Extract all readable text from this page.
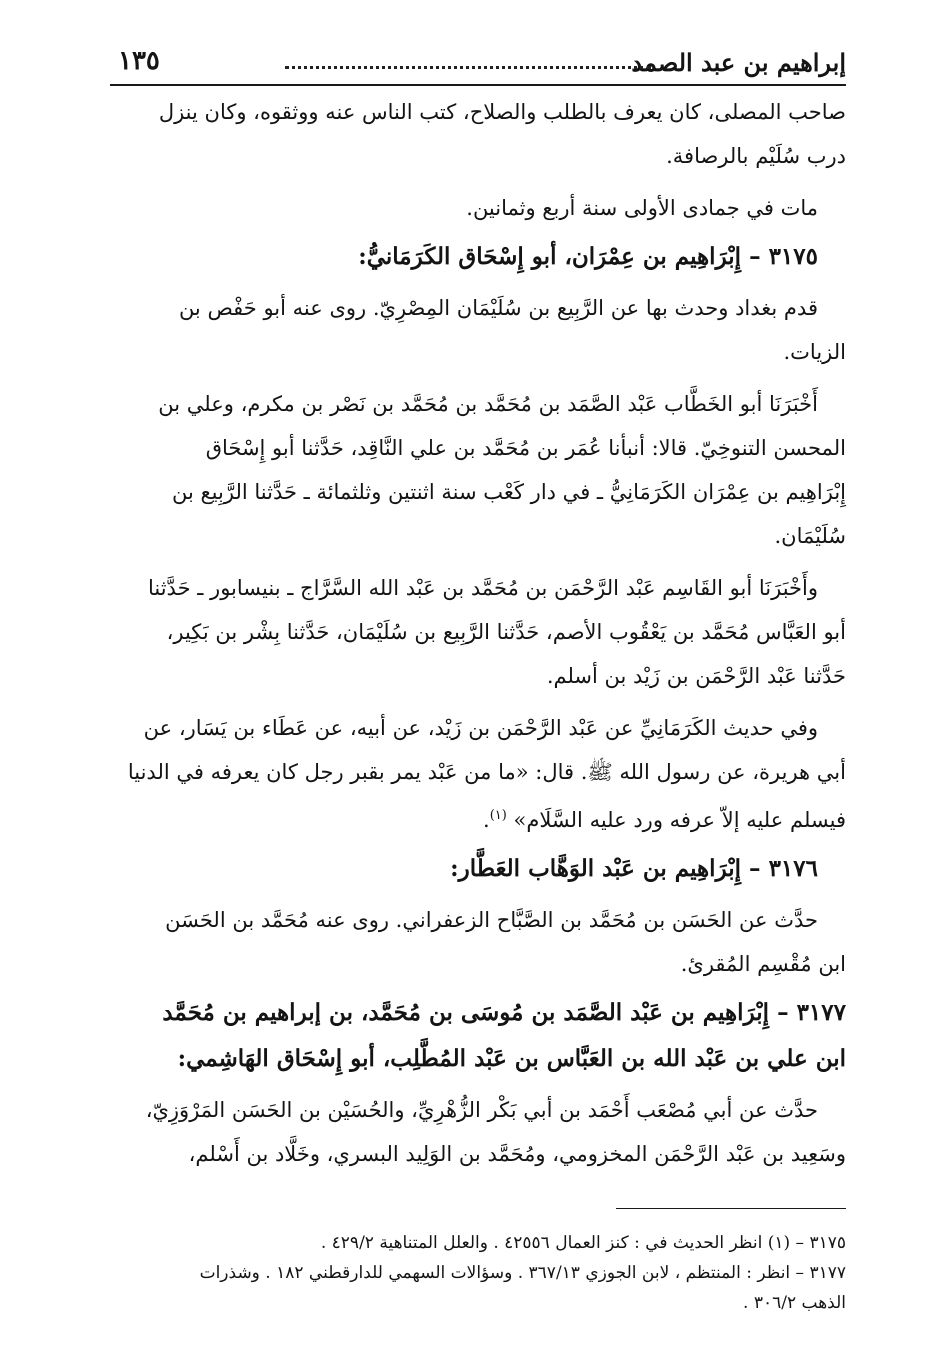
إبراهيم بن عبد الصمد
١٣٥

صاحب المصلى، كان يعرف بالطلب والصلاح، كتب الناس عنه ووثقوه، وكان ينزل

درب سُلَيْم بالرصافة.

مات في جمادى الأولى سنة أربع وثمانين.

٣١٧٥ – إِبْرَاهِيم بن عِمْرَان، أبو إِسْحَاق الكَرَمَانيُّ:

قدم بغداد وحدث بها عن الرَّبِيع بن سُلَيْمَان المِصْرِيّ. روى عنه أبو حَفْص بن

الزيات.

أَخْبَرَنَا أبو الخَطَّاب عَبْد الصَّمَد بن مُحَمَّد بن مُحَمَّد بن نَصْر بن مكرم، وعلي بن

المحسن التنوخِيّ. قالا: أنبأنا عُمَر بن مُحَمَّد بن علي النَّاقِد، حَدَّثنا أبو إِسْحَاق

إِبْرَاهِيم بن عِمْرَان الكَرَمَانِيُّ ـ في دار كَعْب سنة اثنتين وثلثمائة ـ حَدَّثنا الرَّبِيع بن

سُلَيْمَان.

وأَخْبَرَنَا أبو القَاسِم عَبْد الرَّحْمَن بن مُحَمَّد بن عَبْد الله السَّرَّاج ـ بنيسابور ـ حَدَّثنا

أبو العَبَّاس مُحَمَّد بن يَعْقُوب الأصم، حَدَّثنا الرَّبِيع بن سُلَيْمَان، حَدَّثنا بِشْر بن بَكِير،

حَدَّثنا عَبْد الرَّحْمَن بن زَيْد بن أسلم.

وفي حديث الكَرَمَانِيِّ عن عَبْد الرَّحْمَن بن زَيْد، عن أبيه، عن عَطَاء بن يَسَار، عن

أبي هريرة، عن رسول الله ﷺ. قال: «ما من عَبْد يمر بقبر رجل كان يعرفه في الدنيا

فيسلم عليه إلاّ عرفه ورد عليه السَّلَام» $^{(١)}$.

٣١٧٦ – إِبْرَاهِيم بن عَبْد الوَهَّاب العَطَّار:

حدَّث عن الحَسَن بن مُحَمَّد بن الصَّبَّاح الزعفراني. روى عنه مُحَمَّد بن الحَسَن

ابن مُقْسِم المُقرئ.

٣١٧٧ – إِبْرَاهِيم بن عَبْد الصَّمَد بن مُوسَى بن مُحَمَّد، بن إبراهيم بن مُحَمَّد
ابن علي بن عَبْد الله بن العَبَّاس بن عَبْد المُطَّلِب، أبو إِسْحَاق الهَاشِمي:

حدَّث عن أبي مُصْعَب أَحْمَد بن أبي بَكْر الزُّهْرِيِّ، والحُسَيْن بن الحَسَن المَرْوَزِيّ،

وسَعِيد بن عَبْد الرَّحْمَن المخزومي، ومُحَمَّد بن الوَلِيد البسري، وخَلَّاد بن أَسْلم،

٣١٧٥ – (١) انظر الحديث في : كنز العمال ٤٢٥٥٦ . والعلل المتناهية ٤٢٩/٢ .

٣١٧٧ – انظر : المنتظم ، لابن الجوزي ٣٦٧/١٣ . وسؤالات السهمي للدارقطني ١٨٢ . وشذرات

الذهب ٣٠٦/٢ .
